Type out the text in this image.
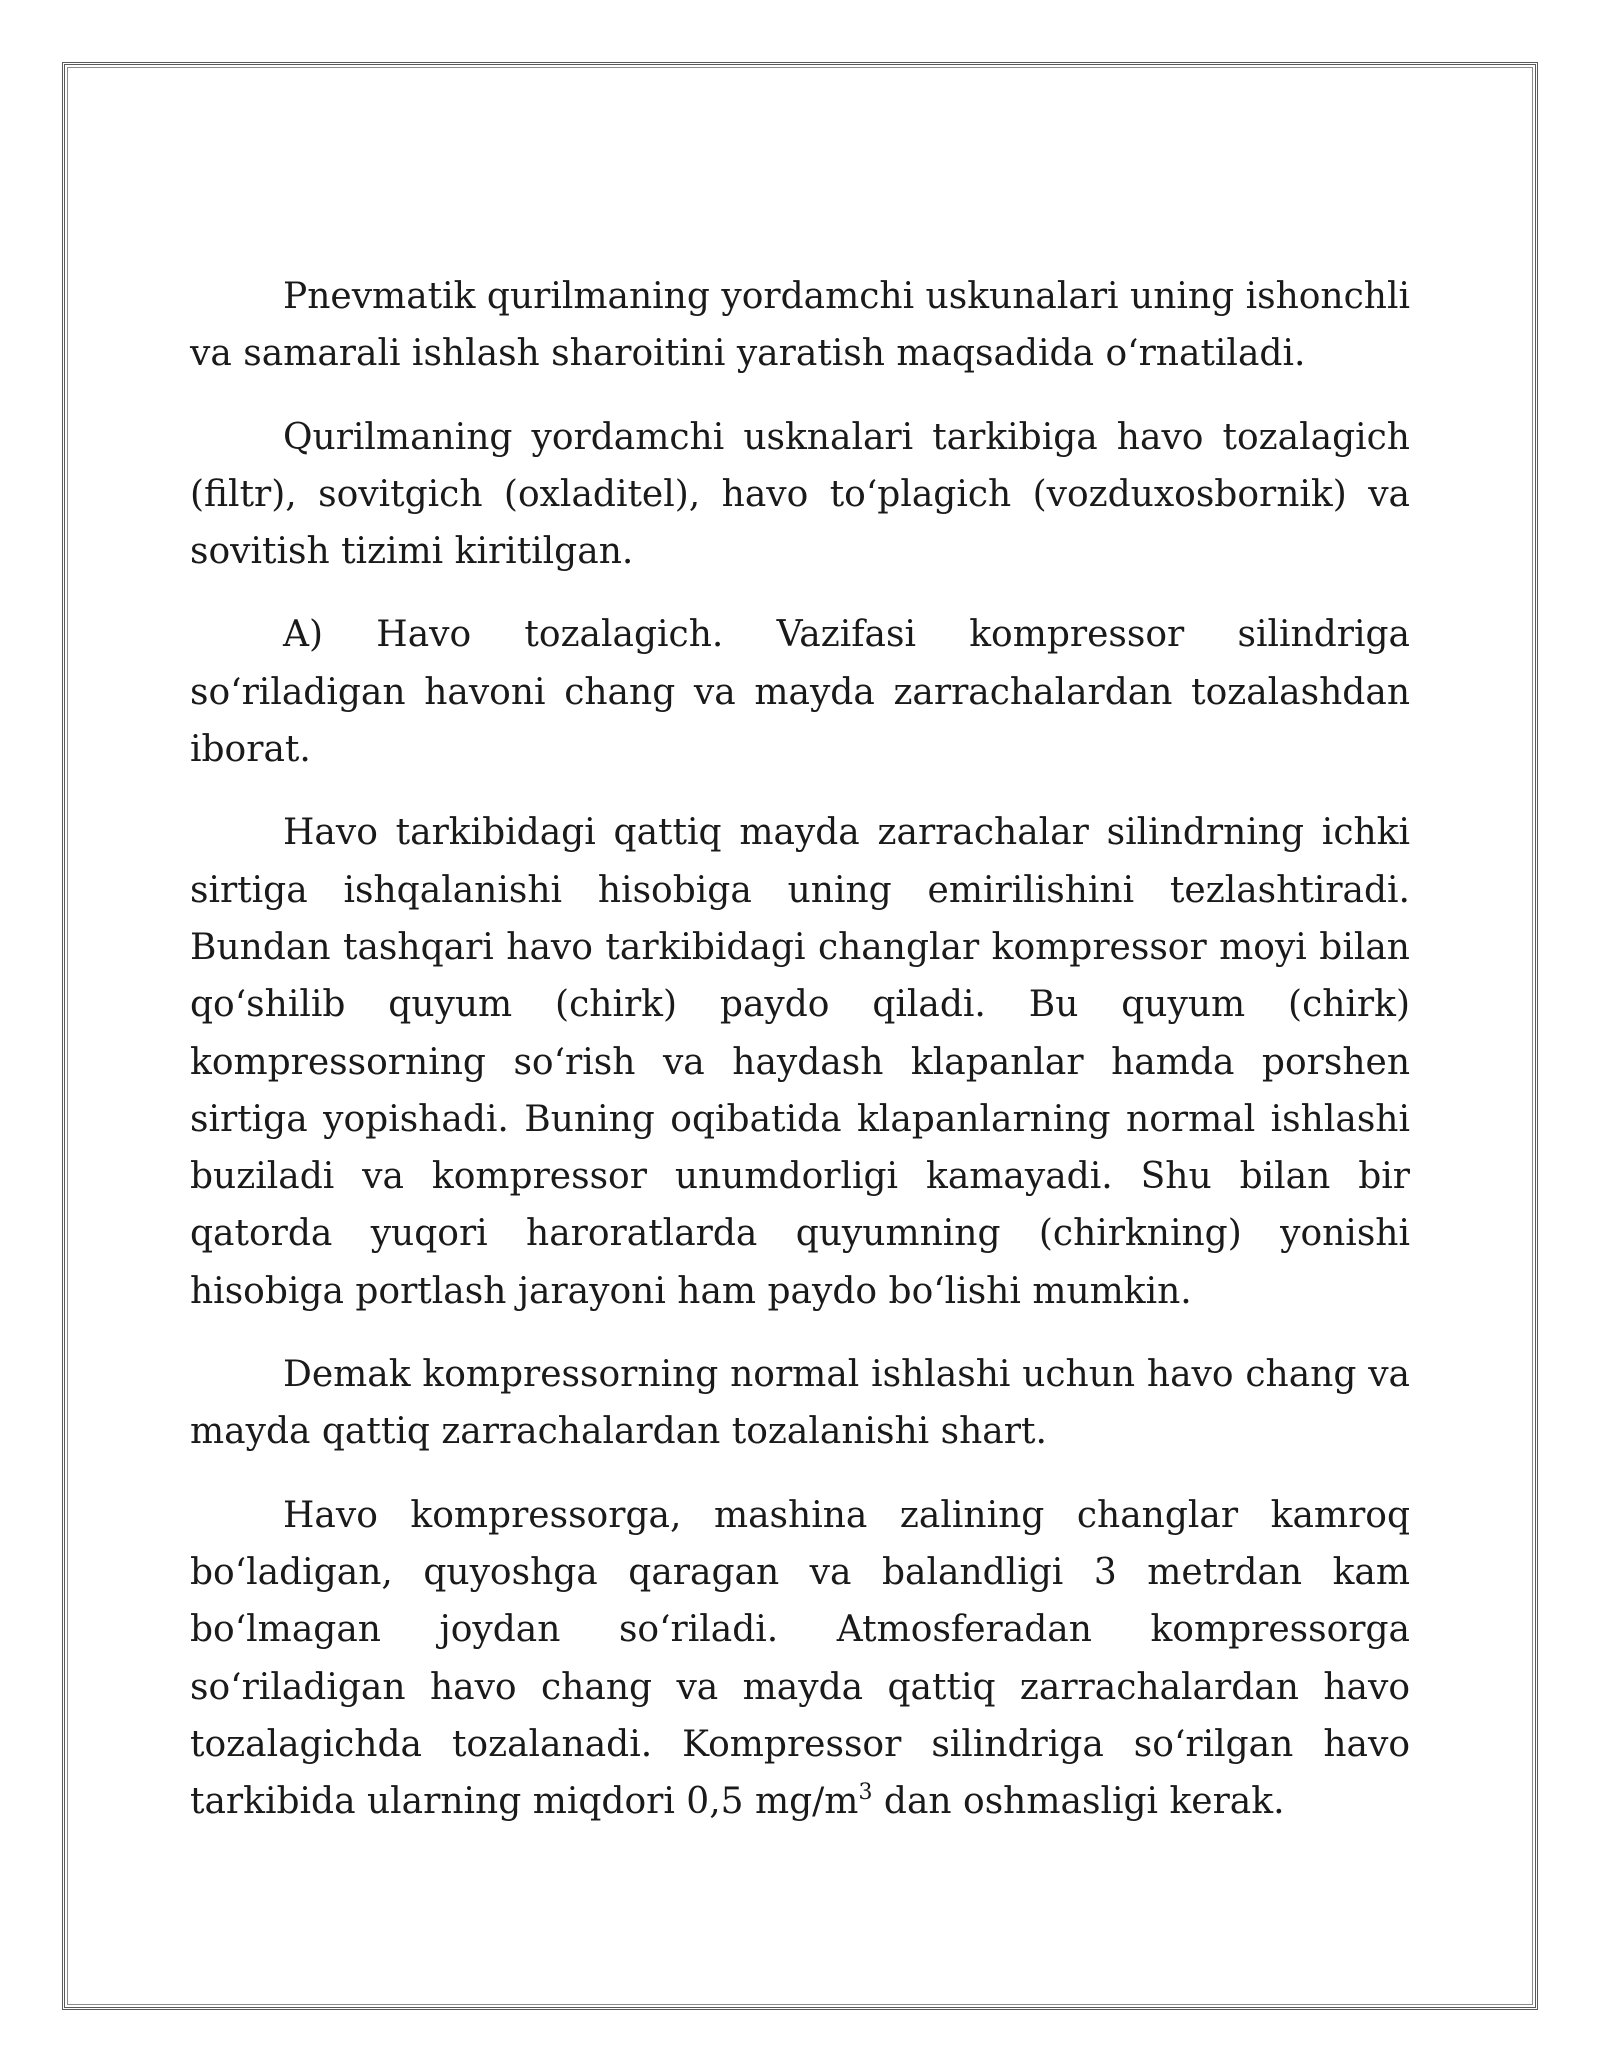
Pnevmatik qurilmaning yordamchi uskunalari uning ishonchli va samarali ishlash sharoitini yaratish maqsadida o‘rnatiladi.

Qurilmaning yordamchi usknalari tarkibiga havo tozalagich (filtr), sovitgich (oxladitel), havo to‘plagich (vozduxosbornik) va sovitish tizimi kiritilgan.

A) Havo tozalagich. Vazifasi kompressor silindriga so‘riladigan havoni chang va mayda zarrachalardan tozalashdan iborat.

Havo tarkibidagi qattiq mayda zarrachalar silindrning ichki sirtiga ishqalanishi hisobiga uning emirilishini tezlashtiradi. Bundan tashqari havo tarkibidagi changlar kompressor moyi bilan qo‘shilib quyum (chirk) paydo qiladi. Bu quyum (chirk) kompressorning so‘rish va haydash klapanlar hamda porshen sirtiga yopishadi. Buning oqibatida klapanlarning normal ishlashi buziladi va kompressor unumdorligi kamayadi. Shu bilan bir qatorda yuqori haroratlarda quyumning (chirkning) yonishi hisobiga portlash jarayoni ham paydo bo‘lishi mumkin.

Demak kompressorning normal ishlashi uchun havo chang va mayda qattiq zarrachalardan tozalanishi shart.

Havo kompressorga, mashina zalining changlar kamroq bo‘ladigan, quyoshga qaragan va balandligi 3 metrdan kam bo‘lmagan joydan so‘riladi. Atmosferadan kompressorga so‘riladigan havo chang va mayda qattiq zarrachalardan havo tozalagichda tozalanadi. Kompressor silindriga so‘rilgan havo tarkibida ularning miqdori 0,5 $mg/m^3$ dan oshmasligi kerak.
